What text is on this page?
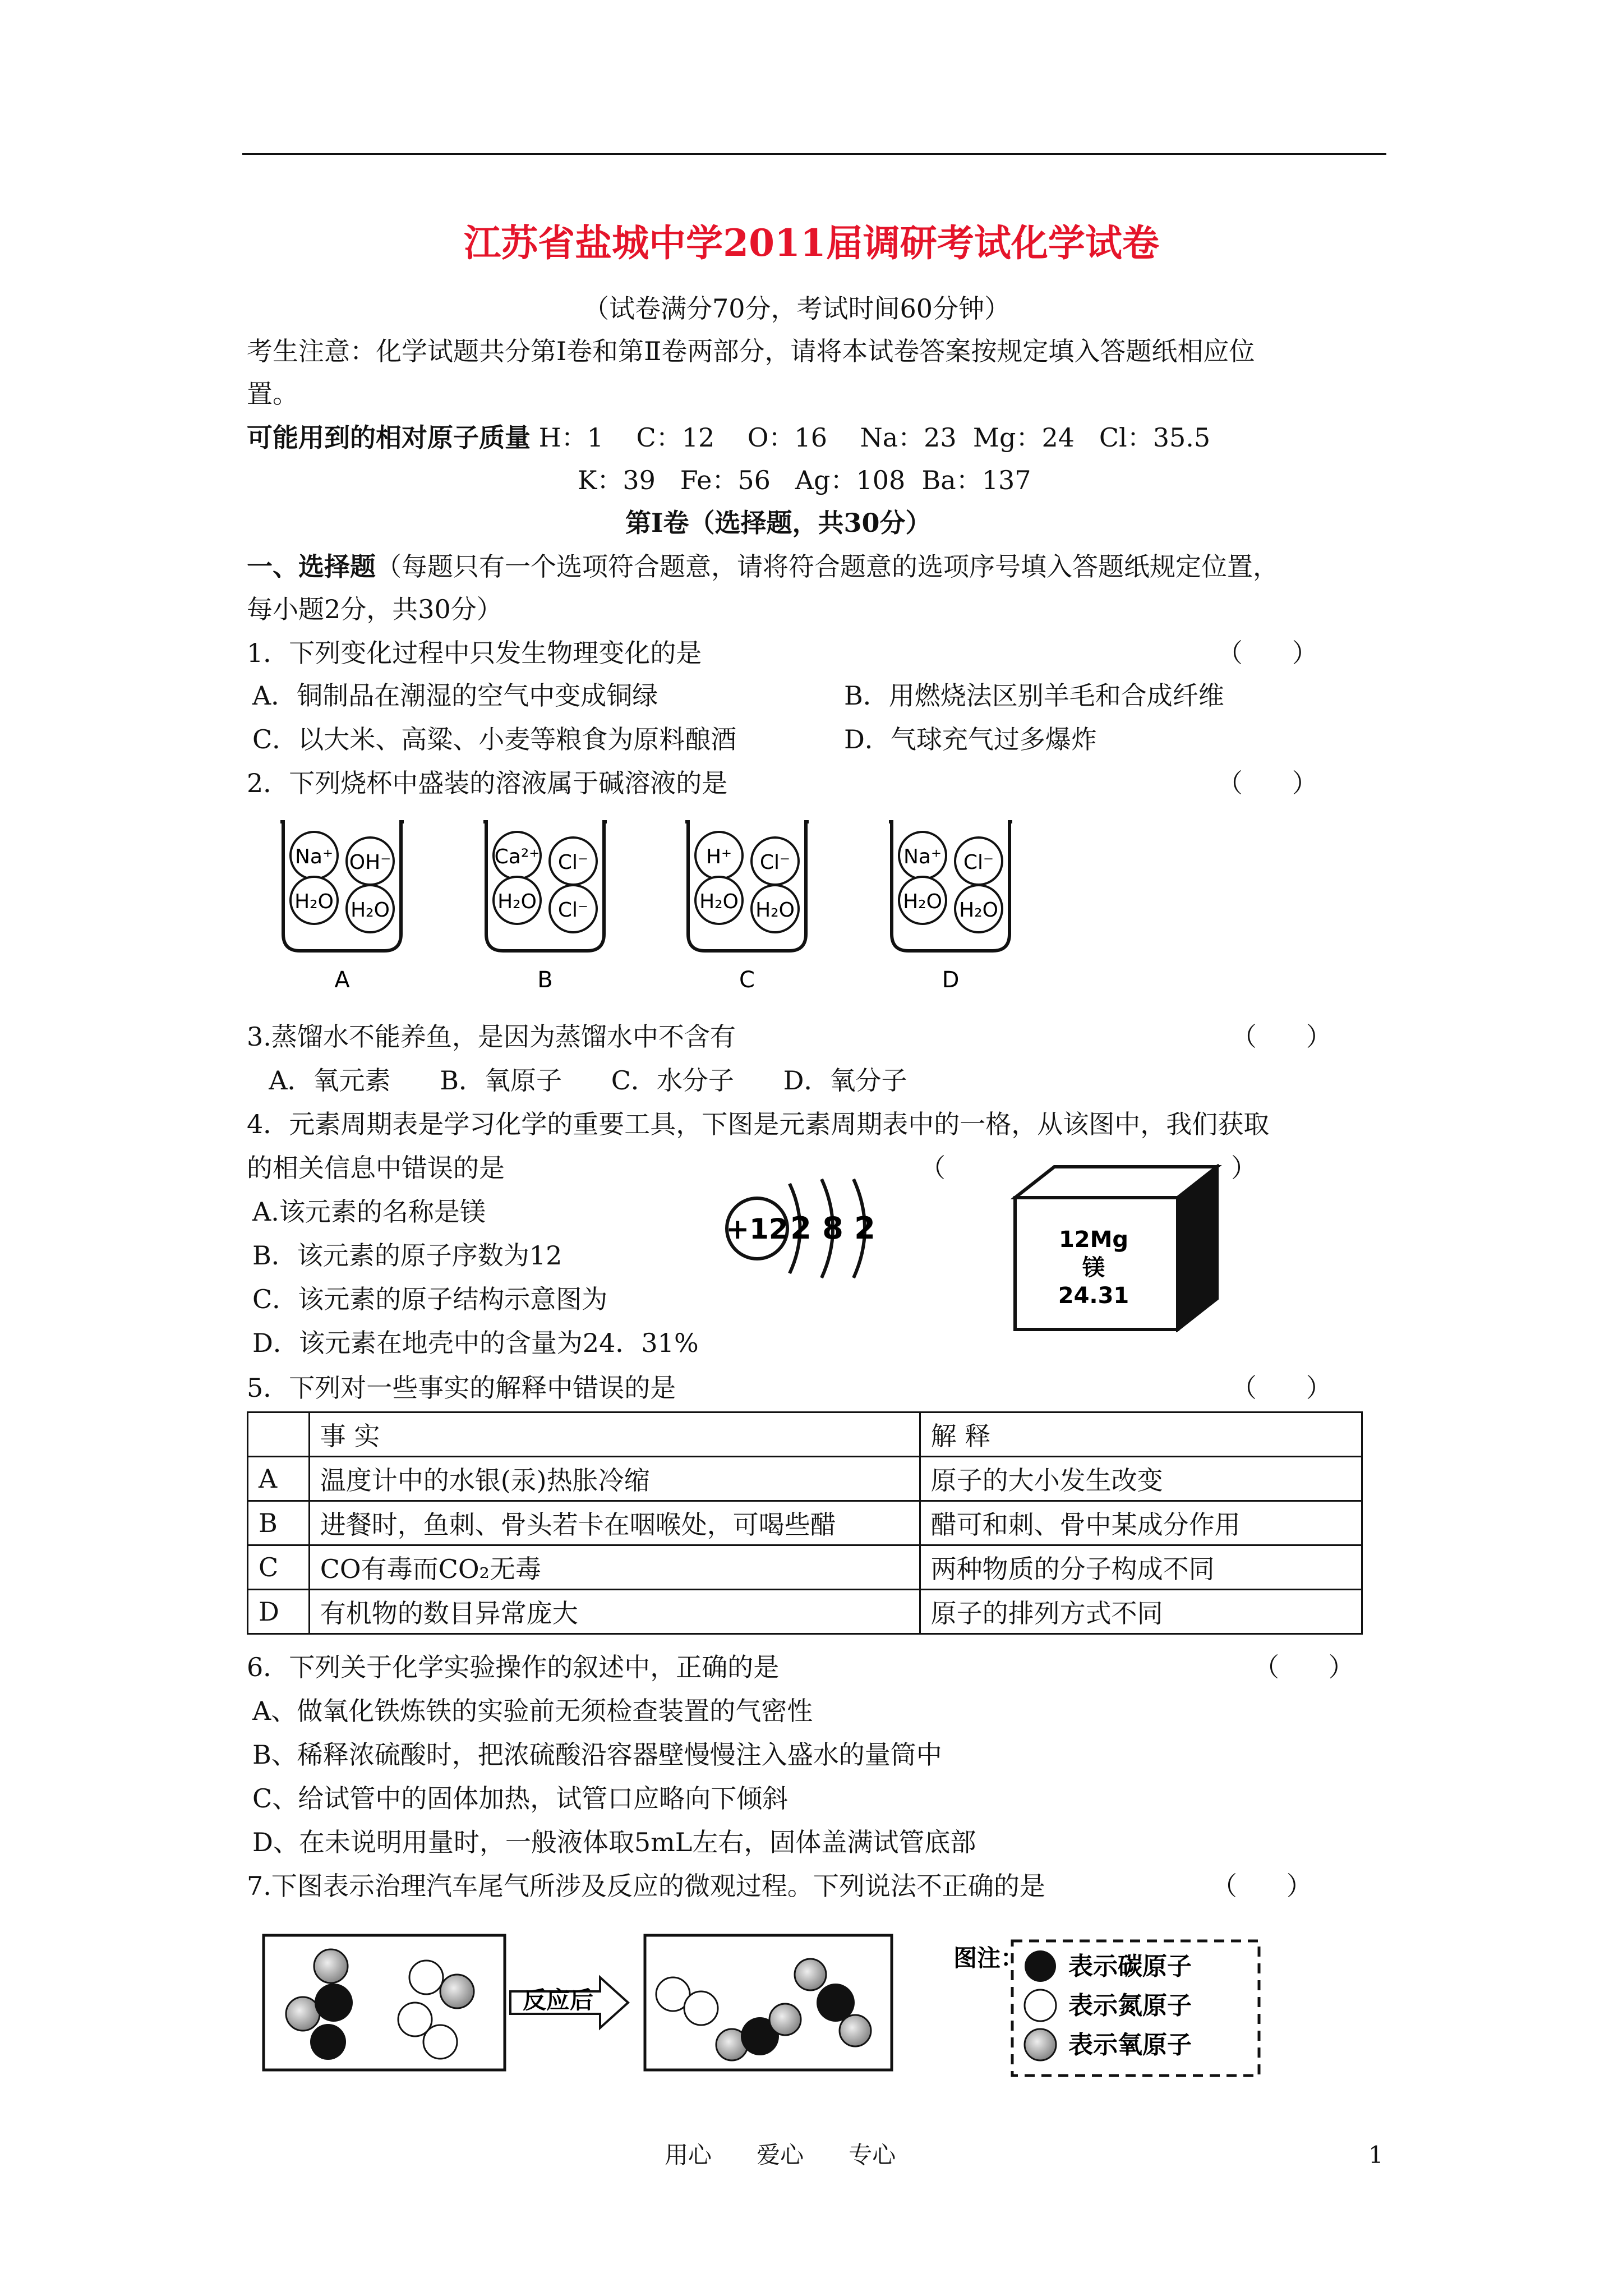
江苏省盐城中学2011届调研考试化学试卷
（试卷满分70分，考试时间60分钟）
考生注意：化学试题共分第Ⅰ卷和第Ⅱ卷两部分，请将本试卷答案按规定填入答题纸相应位
置。
可能用到的相对原子质量 H：1    C：12    O：16    Na：23  Mg：24   Cl：35.5
K：39   Fe：56   Ag：108  Ba：137
第Ⅰ卷（选择题，共30分）
一、选择题（每题只有一个选项符合题意，请将符合题意的选项序号填入答题纸规定位置，
每小题2分，共30分）
1．下列变化过程中只发生物理变化的是	（      ）
A．铜制品在潮湿的空气中变成铜绿	B．用燃烧法区别羊毛和合成纤维
C．以大米、高粱、小麦等粮食为原料酿酒	D．气球充气过多爆炸
2．下列烧杯中盛装的溶液属于碱溶液的是	（      ）
Na⁺ OH⁻
H₂O H₂O
A
Ca²⁺ Cl⁻
H₂O Cl⁻
B
H⁺ Cl⁻
H₂O H₂O
C
Na⁺ Cl⁻
H₂O H₂O
D
3.蒸馏水不能养鱼，是因为蒸馏水中不含有	（      ）
A．氧元素      B．氧原子      C．水分子      D．氧分子
4．元素周期表是学习化学的重要工具，下图是元素周期表中的一格，从该图中，我们获取
的相关信息中错误的是	（	）
A.该元素的名称是镁
B．该元素的原子序数为12
C．该元素的原子结构示意图为
D．该元素在地壳中的含量为24．31%
+12 2 8 2	12Mg
镁
24.31
5．下列对一些事实的解释中错误的是	（      ）
	事 实	解 释
A	温度计中的水银(汞)热胀冷缩	原子的大小发生改变
B	进餐时，鱼刺、骨头若卡在咽喉处，可喝些醋	醋可和刺、骨中某成分作用
C	CO有毒而CO₂无毒	两种物质的分子构成不同
D	有机物的数目异常庞大	原子的排列方式不同
6．下列关于化学实验操作的叙述中，正确的是	（      ）
A、做氧化铁炼铁的实验前无须检查装置的气密性
B、稀释浓硫酸时，把浓硫酸沿容器壁慢慢注入盛水的量筒中
C、给试管中的固体加热，试管口应略向下倾斜
D、在未说明用量时，一般液体取5mL左右，固体盖满试管底部
7.下图表示治理汽车尾气所涉及反应的微观过程。下列说法不正确的是	（      ）
反应后
图注： 表示碳原子
表示氮原子
表示氧原子
用心      爱心      专心	1
